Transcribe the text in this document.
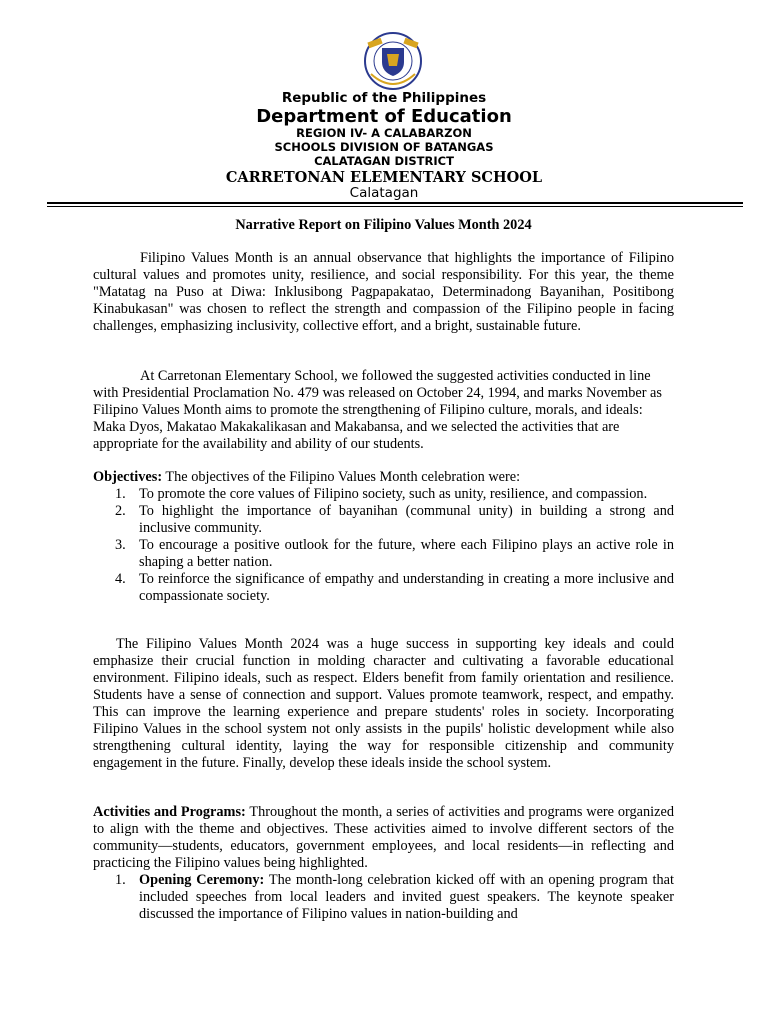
Republic of the Philippines
Department of Education
REGION IV- A CALABARZON
SCHOOLS DIVISION OF BATANGAS
CALATAGAN DISTRICT
CARRETONAN ELEMENTARY SCHOOL
Calatagan
Narrative Report on Filipino Values Month 2024

Filipino Values Month is an annual observance that highlights the importance of Filipino cultural values and promotes unity, resilience, and social responsibility. For this year, the theme "Matatag na Puso at Diwa: Inklusibong Pagpapakatao, Determinadong Bayanihan, Positibong Kinabukasan" was chosen to reflect the strength and compassion of the Filipino people in facing challenges, emphasizing inclusivity, collective effort, and a bright, sustainable future.

At Carretonan Elementary School, we followed the suggested activities conducted in line with Presidential Proclamation No. 479 was released on October 24, 1994, and marks November as Filipino Values Month aims to promote the strengthening of Filipino culture, morals, and ideals: Maka Dyos, Makatao Makakalikasan and Makabansa, and we selected the activities that are appropriate for the availability and ability of our students.

Objectives: The objectives of the Filipino Values Month celebration were:

1. To promote the core values of Filipino society, such as unity, resilience, and compassion.
2. To highlight the importance of bayanihan (communal unity) in building a strong and inclusive community.
3. To encourage a positive outlook for the future, where each Filipino plays an active role in shaping a better nation.
4. To reinforce the significance of empathy and understanding in creating a more inclusive and compassionate society.

The Filipino Values Month 2024 was a huge success in supporting key ideals and could emphasize their crucial function in molding character and cultivating a favorable educational environment. Filipino ideals, such as respect. Elders benefit from family orientation and resilience. Students have a sense of connection and support. Values promote teamwork, respect, and empathy. This can improve the learning experience and prepare students' roles in society. Incorporating Filipino Values in the school system not only assists in the pupils' holistic development while also strengthening cultural identity, laying the way for responsible citizenship and community engagement in the future. Finally, develop these ideals inside the school system.

Activities and Programs: Throughout the month, a series of activities and programs were organized to align with the theme and objectives. These activities aimed to involve different sectors of the community—students, educators, government employees, and local residents—in reflecting and practicing the Filipino values being highlighted.

1. Opening Ceremony: The month-long celebration kicked off with an opening program that included speeches from local leaders and invited guest speakers. The keynote speaker discussed the importance of Filipino values in nation-building and
